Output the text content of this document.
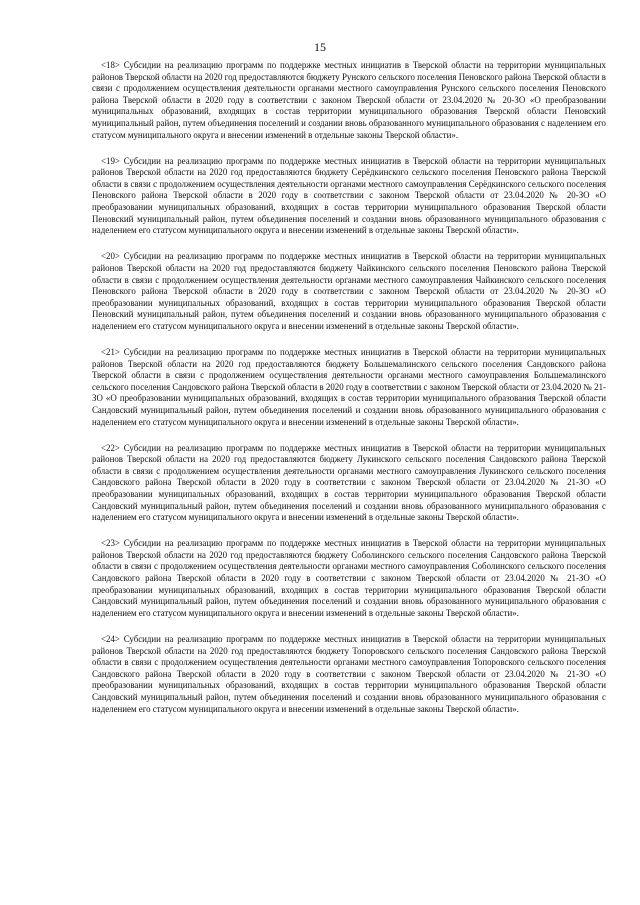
15

<18> Субсидии на реализацию программ по поддержке местных инициатив в Тверской области на территории муниципальных районов Тверской области на 2020 год предоставляются бюджету Рунского сельского поселения Пеновского района Тверской области в связи с продолжением осуществления деятельности органами местного самоуправления Рунского сельского поселения Пеновского района Тверской области в 2020 году в соответствии с законом Тверской области от 23.04.2020 № 20-ЗО «О преобразовании муниципальных образований, входящих в состав территории муниципального образования Тверской области Пеновский муниципальный район, путем объединения поселений и создании вновь образованного муниципального образования с наделением его статусом муниципального округа и внесении изменений в отдельные законы Тверской области».

<19> Субсидии на реализацию программ по поддержке местных инициатив в Тверской области на территории муниципальных районов Тверской области на 2020 год предоставляются бюджету Серёдкинского сельского поселения Пеновского района Тверской области в связи с продолжением осуществления деятельности органами местного самоуправления Серёдкинского сельского поселения Пеновского района Тверской области в 2020 году в соответствии с законом Тверской области от 23.04.2020 № 20-ЗО «О преобразовании муниципальных образований, входящих в состав территории муниципального образования Тверской области Пеновский муниципальный район, путем объединения поселений и создании вновь образованного муниципального образования с наделением его статусом муниципального округа и внесении изменений в отдельные законы Тверской области».

<20> Субсидии на реализацию программ по поддержке местных инициатив в Тверской области на территории муниципальных районов Тверской области на 2020 год предоставляются бюджету Чайкинского сельского поселения Пеновского района Тверской области в связи с продолжением осуществления деятельности органами местного самоуправления Чайкинского сельского поселения Пеновского района Тверской области в 2020 году в соответствии с законом Тверской области от 23.04.2020 № 20-ЗО «О преобразовании муниципальных образований, входящих в состав территории муниципального образования Тверской области Пеновский муниципальный район, путем объединения поселений и создании вновь образованного муниципального образования с наделением его статусом муниципального округа и внесении изменений в отдельные законы Тверской области».

<21> Субсидии на реализацию программ по поддержке местных инициатив в Тверской области на территории муниципальных районов Тверской области на 2020 год предоставляются бюджету Большемалинского сельского поселения Сандовского района Тверской области в связи с продолжением осуществления деятельности органами местного самоуправления Большемалинского сельского поселения Сандовского района Тверской области в 2020 году в соответствии с законом Тверской области от 23.04.2020 № 21-ЗО «О преобразовании муниципальных образований, входящих в состав территории муниципального образования Тверской области Сандовский муниципальный район, путем объединения поселений и создании вновь образованного муниципального образования с наделением его статусом муниципального округа и внесении изменений в отдельные законы Тверской области».

<22> Субсидии на реализацию программ по поддержке местных инициатив в Тверской области на территории муниципальных районов Тверской области на 2020 год предоставляются бюджету Лукинского сельского поселения Сандовского района Тверской области в связи с продолжением осуществления деятельности органами местного самоуправления Лукинского сельского поселения Сандовского района Тверской области в 2020 году в соответствии с законом Тверской области от 23.04.2020 № 21-ЗО «О преобразовании муниципальных образований, входящих в состав территории муниципального образования Тверской области Сандовский муниципальный район, путем объединения поселений и создании вновь образованного муниципального образования с наделением его статусом муниципального округа и внесении изменений в отдельные законы Тверской области».

<23> Субсидии на реализацию программ по поддержке местных инициатив в Тверской области на территории муниципальных районов Тверской области на 2020 год предоставляются бюджету Соболинского сельского поселения Сандовского района Тверской области в связи с продолжением осуществления деятельности органами местного самоуправления Соболинского сельского поселения Сандовского района Тверской области в 2020 году в соответствии с законом Тверской области от 23.04.2020 № 21-ЗО «О преобразовании муниципальных образований, входящих в состав территории муниципального образования Тверской области Сандовский муниципальный район, путем объединения поселений и создании вновь образованного муниципального образования с наделением его статусом муниципального округа и внесении изменений в отдельные законы Тверской области».

<24> Субсидии на реализацию программ по поддержке местных инициатив в Тверской области на территории муниципальных районов Тверской области на 2020 год предоставляются бюджету Топоровского сельского поселения Сандовского района Тверской области в связи с продолжением осуществления деятельности органами местного самоуправления Топоровского сельского поселения Сандовского района Тверской области в 2020 году в соответствии с законом Тверской области от 23.04.2020 № 21-ЗО «О преобразовании муниципальных образований, входящих в состав территории муниципального образования Тверской области Сандовский муниципальный район, путем объединения поселений и создании вновь образованного муниципального образования с наделением его статусом муниципального округа и внесении изменений в отдельные законы Тверской области».
